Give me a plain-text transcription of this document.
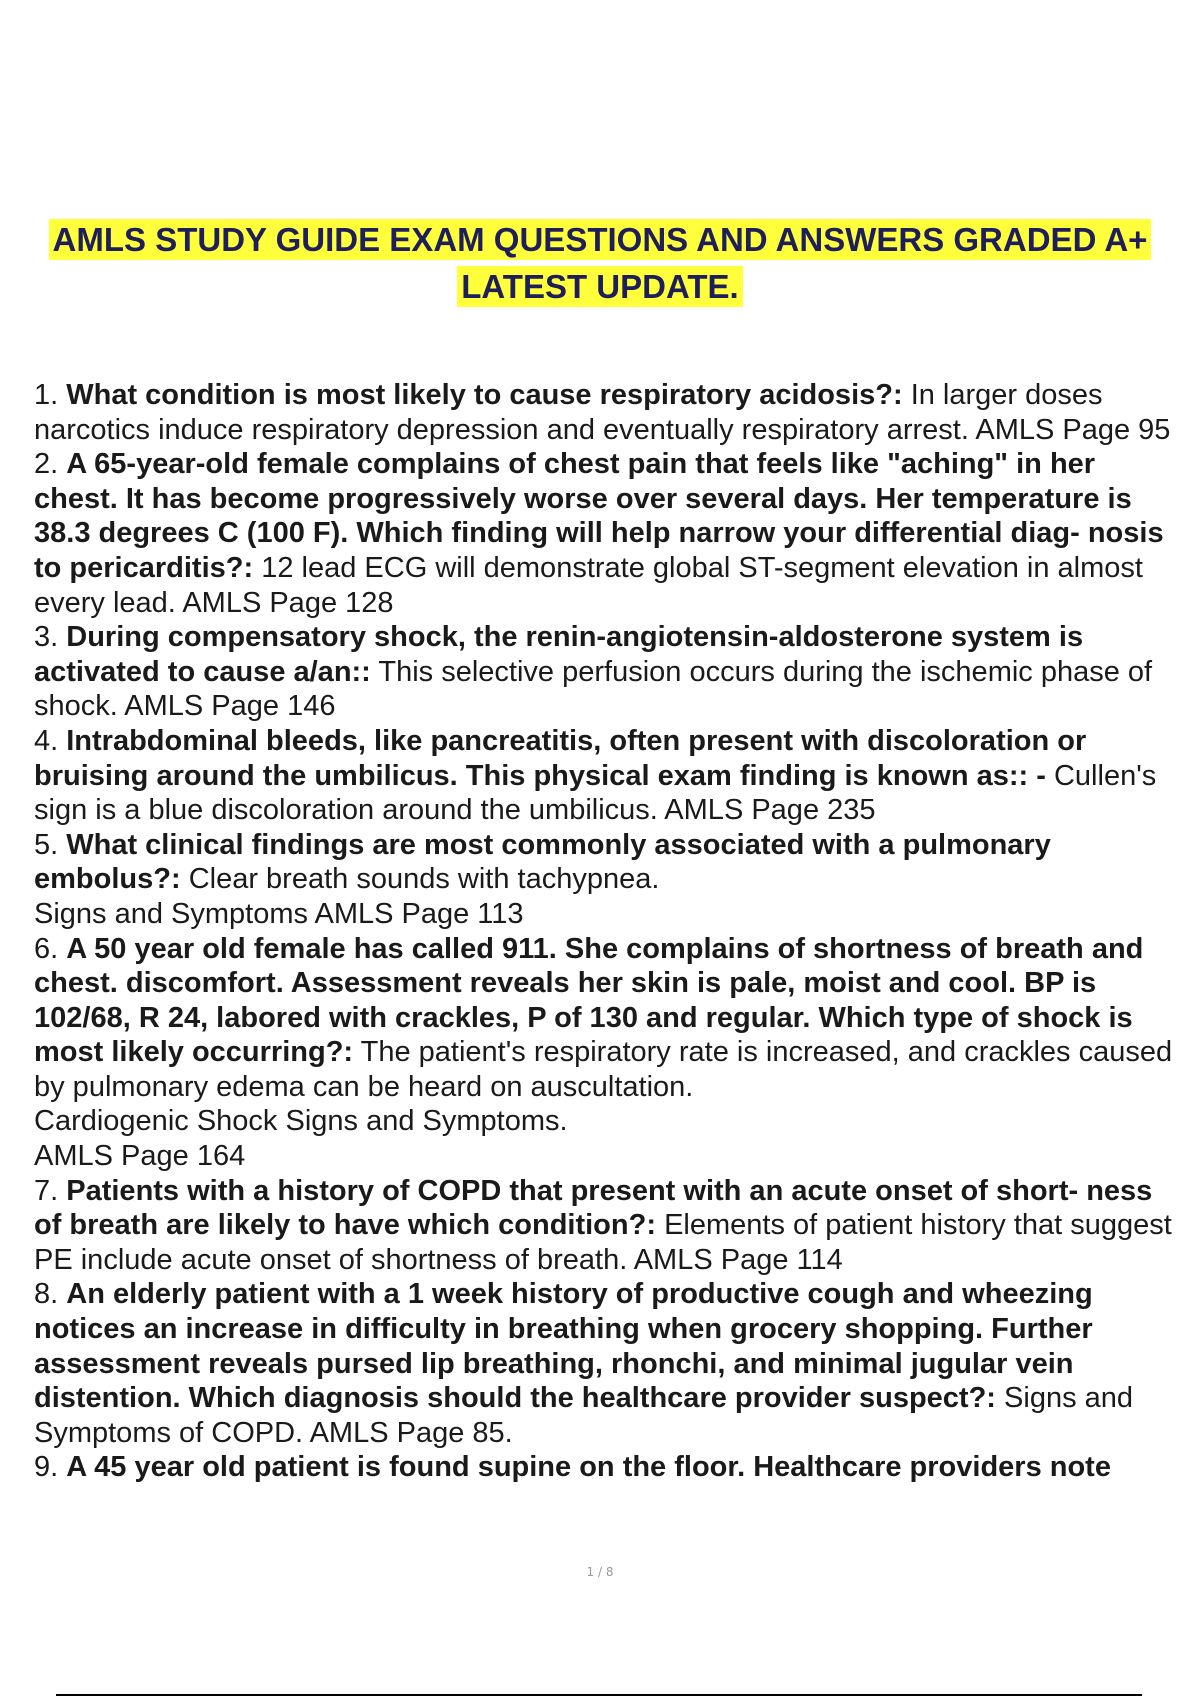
AMLS STUDY GUIDE EXAM QUESTIONS AND ANSWERS GRADED A+
LATEST UPDATE.

1. What condition is most likely to cause respiratory acidosis?: In larger doses narcotics induce respiratory depression and eventually respiratory arrest. AMLS Page 95

2. A 65-year-old female complains of chest pain that feels like "aching" in her chest. It has become progressively worse over several days. Her temperature is 38.3 degrees C (100 F). Which finding will help narrow your differential diag- nosis to pericarditis?: 12 lead ECG will demonstrate global ST-segment elevation in almost every lead. AMLS Page 128

3. During compensatory shock, the renin-angiotensin-aldosterone system is activated to cause a/an:: This selective perfusion occurs during the ischemic phase of shock. AMLS Page 146

4. Intrabdominal bleeds, like pancreatitis, often present with discoloration or bruising around the umbilicus. This physical exam finding is known as:: - Cullen's sign is a blue discoloration around the umbilicus. AMLS Page 235

5. What clinical findings are most commonly associated with a pulmonary embolus?: Clear breath sounds with tachypnea.
Signs and Symptoms AMLS Page 113

6. A 50 year old female has called 911. She complains of shortness of breath and chest. discomfort. Assessment reveals her skin is pale, moist and cool. BP is 102/68, R 24, labored with crackles, P of 130 and regular. Which type of shock is most likely occurring?: The patient's respiratory rate is increased, and crackles caused by pulmonary edema can be heard on auscultation.
Cardiogenic Shock Signs and Symptoms.
AMLS Page 164

7. Patients with a history of COPD that present with an acute onset of short- ness of breath are likely to have which condition?: Elements of patient history that suggest PE include acute onset of shortness of breath. AMLS Page 114

8. An elderly patient with a 1 week history of productive cough and wheezing notices an increase in difficulty in breathing when grocery shopping. Further assessment reveals pursed lip breathing, rhonchi, and minimal jugular vein distention. Which diagnosis should the healthcare provider suspect?: Signs and Symptoms of COPD. AMLS Page 85.

9. A 45 year old patient is found supine on the floor. Healthcare providers note

1 / 8
